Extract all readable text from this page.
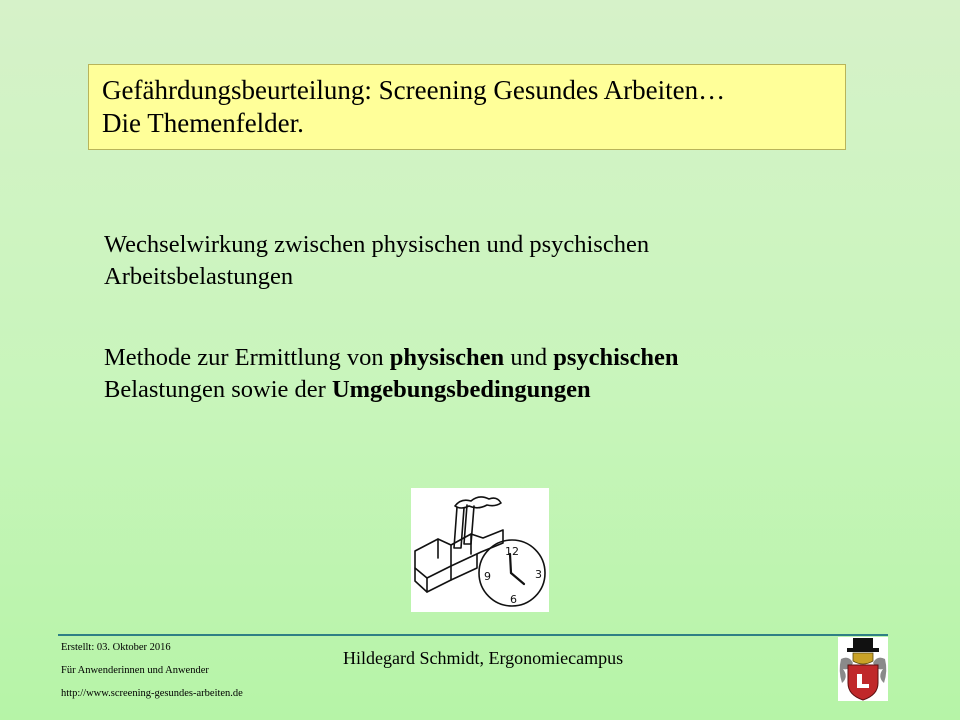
Gefährdungsbeurteilung: Screening Gesundes Arbeiten…
Die Themenfelder.
Wechselwirkung zwischen physischen und psychischen
Arbeitsbelastungen
Methode zur Ermittlung von physischen und psychischen
Belastungen sowie der Umgebungsbedingungen
12
3
6
9
Erstellt: 03. Oktober 2016
Für Anwenderinnen und Anwender
http://www.screening-gesundes-arbeiten.de
Hildegard Schmidt, Ergonomiecampus
